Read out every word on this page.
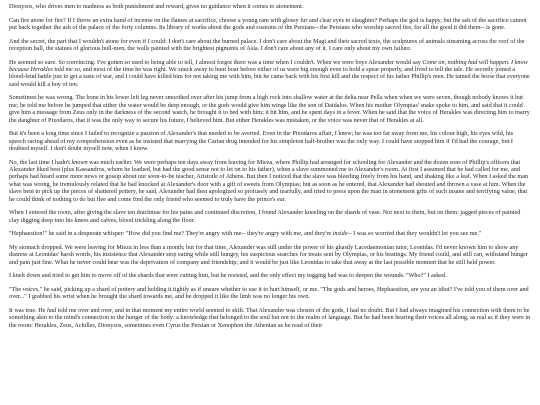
Dionysos, who drives men to madness as both punishment and reward, gives no guidance when it comes to atonement.

Can fire atone for fire? If I throw an extra hand of incense on the flames at sacrifice, choose a young ram with glossy fur and clear eyes to slaughter? Perhaps the god is happy, but the ash of the sacrifice cannot put back together the ash of the palace of the forty columns. Its library of works about the gods and customs of the Persians-- the Persians who worship sacred fire, for all the good it did them-- is gone.

And the secret, the part that I wouldn't atone for even if I could: I don't care about the burned palace. I don't care about the Magi and their sacred texts, the sculptures of animals streaming across the roof of the reception hall, the statues of glorious bull-men, the walls painted with the brightest pigments of Asia. I don't care about any of it. I care only about my own failure.

He seemed so sure. So convincing. I've gotten so used to being able to tell, I almost forgot there was a time when I couldn't. When we were boys Alexander would say Come on, nothing bad will happen. I know because Herakles told me so, and most of the time he was right. We snuck away to hunt boar before either of us were big enough even to hold a spear properly, and lived to tell the tale. He secretly joined a blood-feud battle just to get a taste of war, and I could have killed him for not taking me with him, but he came back with his first kill and the respect of his father Phillip's men. He tamed the horse that everyone said would kill a boy of ten.

Sometimes he was wrong. The bone in his lower left leg never smoothed over after his jump from a high rock into shallow water at the delta near Pella when when we were seven, though nobody knows it but me; he told me before he jumped that either the water would be deep enough, or the gods would give him wings like the son of Daidalos. When his mother Olympias' snake spoke to him, and said that it could give him a message from Zeus only in the darkness of the second watch, he brought it to bed with him; it bit him, and he spent days in a fever. When he said that the voice of Herakles was directing him to marry the daughter of Pixodaros, that it was the only way to secure his future, I believed him. But either Herakles was mistaken, or the voice was never that of Herakles at all.

But it's been a long time since I failed to recognize a passion of Alexander's that needed to be averted. Even in the Pixodaros affair, I knew; he was too far away from me, his colour high, his eyes wild, his speech racing ahead of my comprehension even as he insisted that marrying the Carian drug intended for his simpleton half-brother was the only way. I could have stopped him if I'd had the courage, but I doubted myself. I don't doubt myself now, when I know.

No, the last time I hadn't known was much earlier. We were perhaps ten days away from leaving for Mieza, where Phillip had arranged for schooling for Alexander and the dozen sons of Phillip's officers that Alexander liked best (plus Kassandros, whom he loathed, but had the good sense not to let on to his father), when a slave summoned me to Alexander's room. At first I assumed that he had called for me, and perhaps had heard some more news or gossip about our soon-to-be teacher, Aristotle of Athens. But then I noticed that the slave was bleeding freely from his hand, and shaking like a leaf. When I asked the man what was wrong, he tremulously related that he had knocked at Alexander's door with a gift of sweets from Olympias; but as soon as he entered, that Alexander had shouted and thrown a vase at him. When the slave bent to pick up the pieces of shattered pottery, he said, Alexander had then apologized so profusely and tearfully, and tried to press upon the man in atonement gifts of such insane and terrifying value, that he could think of nothing to do but flee and come find the only friend who seemed to truly have the prince's ear.

When I entered the room, after giving the slave ten drachmae for his pains and continued discretion, I found Alexander kneeling on the shards of vase. Not next to them, but on them: jagged pieces of painted clay digging deep into his knees and calves, blood trickling along the floor.

"Hephaestion!" he said in a desperate whisper: "How did you find me? They're angry with me-- they're angry with me, and they're inside-- I was so worried that they wouldn't let you see me."

My stomach dropped. We were leaving for Mieza in less than a month; but for that time, Alexander was still under the power of his ghastly Lacedaemonian tutor, Leonidas. I'd never known him to show any distress at Leonidas' harsh words, his insistence that Alexander stop eating while still hungry, his suspicious searches for treats sent by Olympias, or his beatings. My friend could, and still can, withstand hunger and pain just fine. What he never could bear was the deprivation of company and friendship; and it would be just like Leonidas to take that away at the last possible moment that he still held power.

I knelt down and tried to get him to move off of the shards that were cutting him, but he resisted, and the only effect my tugging had was to deepen the wounds. "Who?" I asked.

"The voices," he said, picking up a shard of pottery and holding it tightly as if unsure whether to use it to hurt himself, or me. "The gods and heroes, Hephaestion, are you an idiot? I've told you of them over and over..." I grabbed his wrist when he brought the shard towards me, and he dropped it like the limb was no longer his own.

It was true. He had told me over and over, and in that moment my entire world seemed to shift. That Alexander was chosen of the gods, I had no doubt. But I had always imagined his connection with them to be something akin to the mind's connection to the hunger of the body: a knowledge that belonged to the soul but not to the realm of language. But he had been hearing their voices all along, as real as if they were in the room: Herakles, Zeus, Achilles, Dionysos, sometimes even Cyrus the Persian or Xenophon the Athenian as he read of their
